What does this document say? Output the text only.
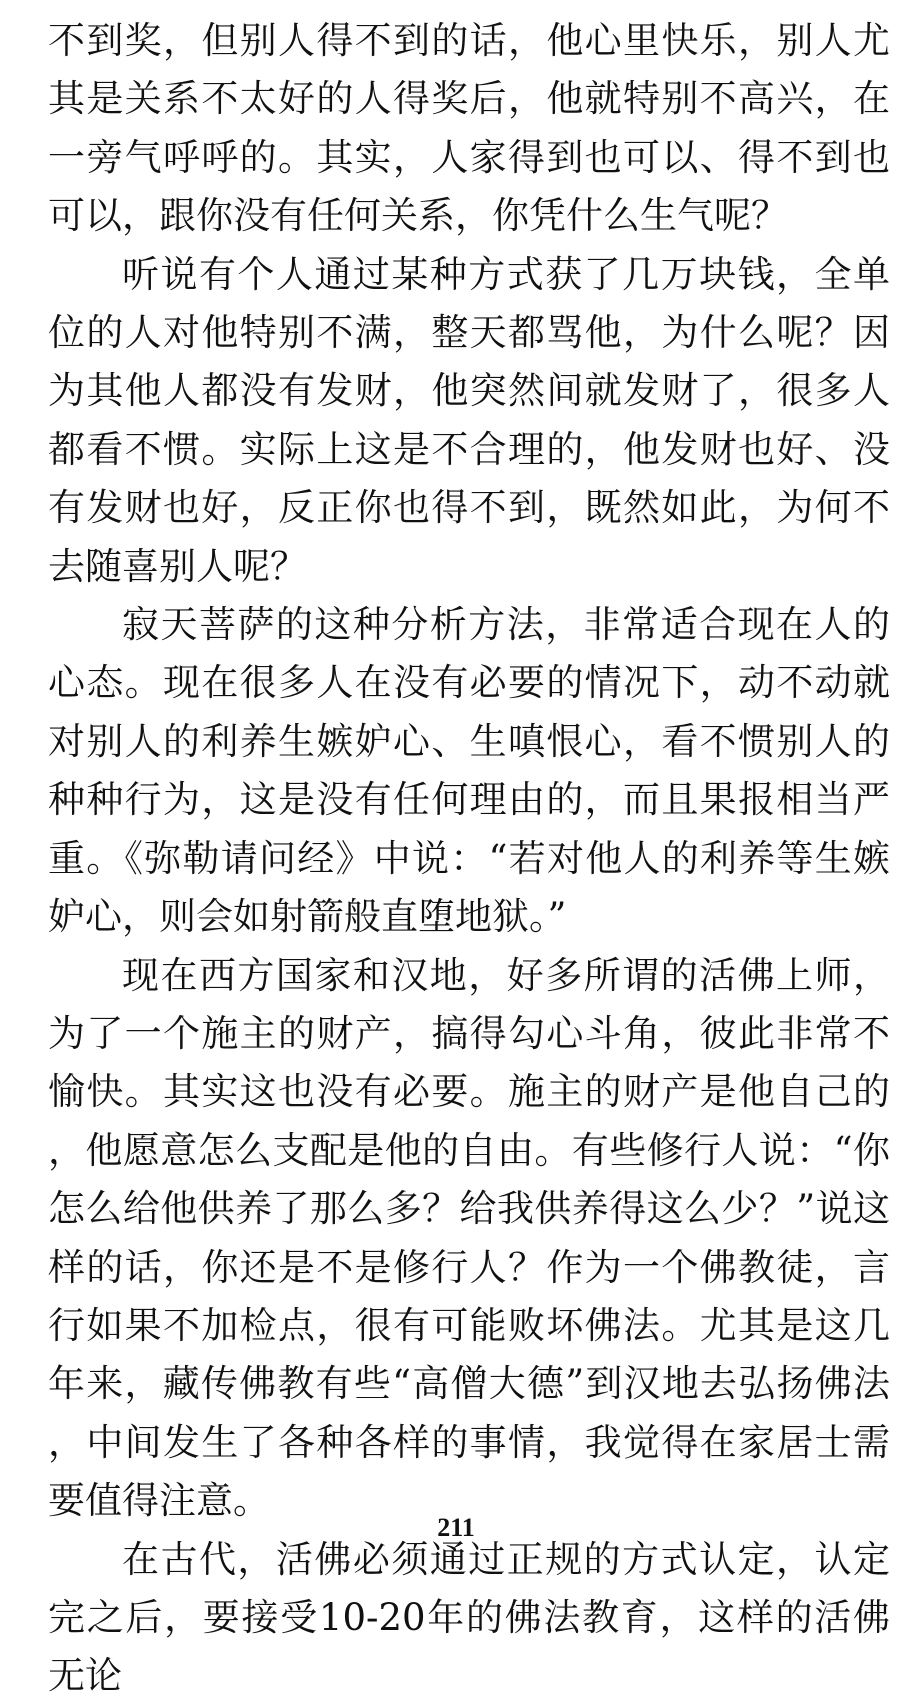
不到奖，但别人得不到的话，他心里快乐，别人尤其是关系不太好的人得奖后，他就特别不高兴，在一旁气呼呼的。其实，人家得到也可以、得不到也可以，跟你没有任何关系，你凭什么生气呢？

听说有个人通过某种方式获了几万块钱，全单位的人对他特别不满，整天都骂他，为什么呢？因为其他人都没有发财，他突然间就发财了，很多人都看不惯。实际上这是不合理的，他发财也好、没有发财也好，反正你也得不到，既然如此，为何不去随喜别人呢？

寂天菩萨的这种分析方法，非常适合现在人的心态。现在很多人在没有必要的情况下，动不动就对别人的利养生嫉妒心、生嗔恨心，看不惯别人的种种行为，这是没有任何理由的，而且果报相当严重。《弥勒请问经》中说：“若对他人的利养等生嫉妒心，则会如射箭般直堕地狱。”

现在西方国家和汉地，好多所谓的活佛上师，为了一个施主的财产，搞得勾心斗角，彼此非常不愉快。其实这也没有必要。施主的财产是他自己的，他愿意怎么支配是他的自由。有些修行人说：“你怎么给他供养了那么多？给我供养得这么少？”说这样的话，你还是不是修行人？作为一个佛教徒，言行如果不加检点，很有可能败坏佛法。尤其是这几年来，藏传佛教有些“高僧大德”到汉地去弘扬佛法，中间发生了各种各样的事情，我觉得在家居士需要值得注意。

在古代，活佛必须通过正规的方式认定，认定完之后，要接受10-20年的佛法教育，这样的活佛无论

211
